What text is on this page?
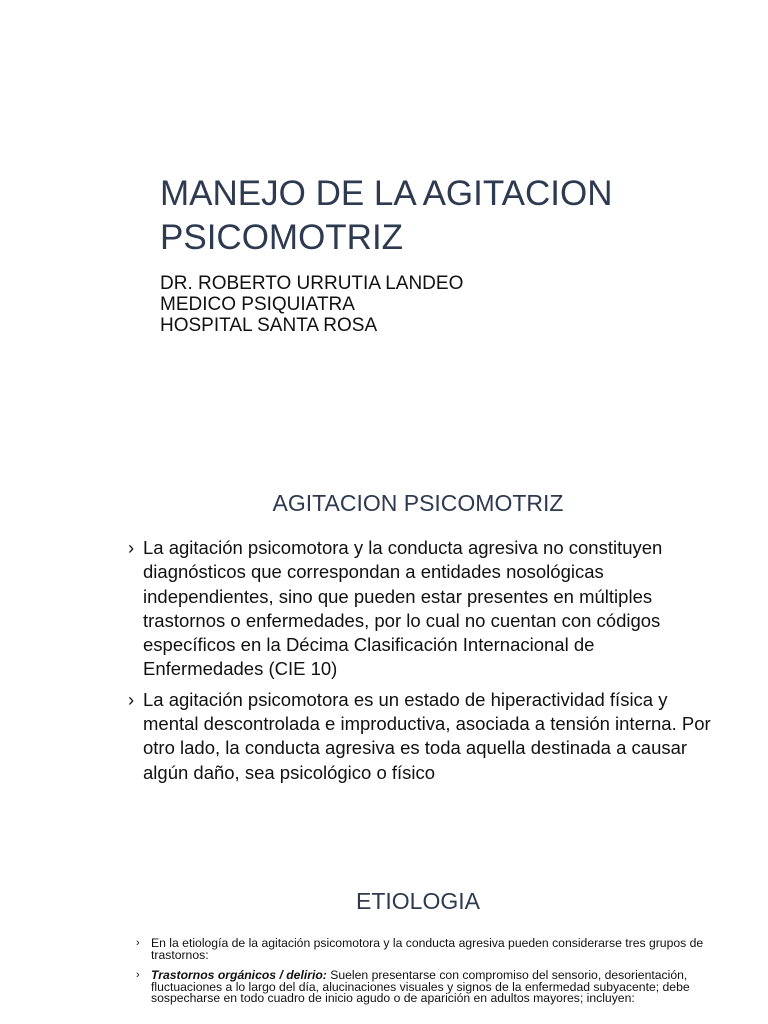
MANEJO DE LA AGITACION
PSICOMOTRIZ
DR. ROBERTO URRUTIA LANDEO
MEDICO PSIQUIATRA
HOSPITAL SANTA ROSA
AGITACION PSICOMOTRIZ
› La agitación psicomotora y la conducta agresiva no constituyen diagnósticos que correspondan a entidades nosológicas independientes, sino que pueden estar presentes en múltiples trastornos o enfermedades, por lo cual no cuentan con códigos específicos en la Décima Clasificación Internacional de Enfermedades (CIE 10)
› La agitación psicomotora es un estado de hiperactividad física y mental descontrolada e improductiva, asociada a tensión interna. Por otro lado, la conducta agresiva es toda aquella destinada a causar algún daño, sea psicológico o físico
ETIOLOGIA
› En la etiología de la agitación psicomotora y la conducta agresiva pueden considerarse tres grupos de trastornos:
› Trastornos orgánicos / delirio: Suelen presentarse con compromiso del sensorio, desorientación, fluctuaciones a lo largo del día, alucinaciones visuales y signos de la enfermedad subyacente; debe sospecharse en todo cuadro de inicio agudo o de aparición en adultos mayores; incluyen:
